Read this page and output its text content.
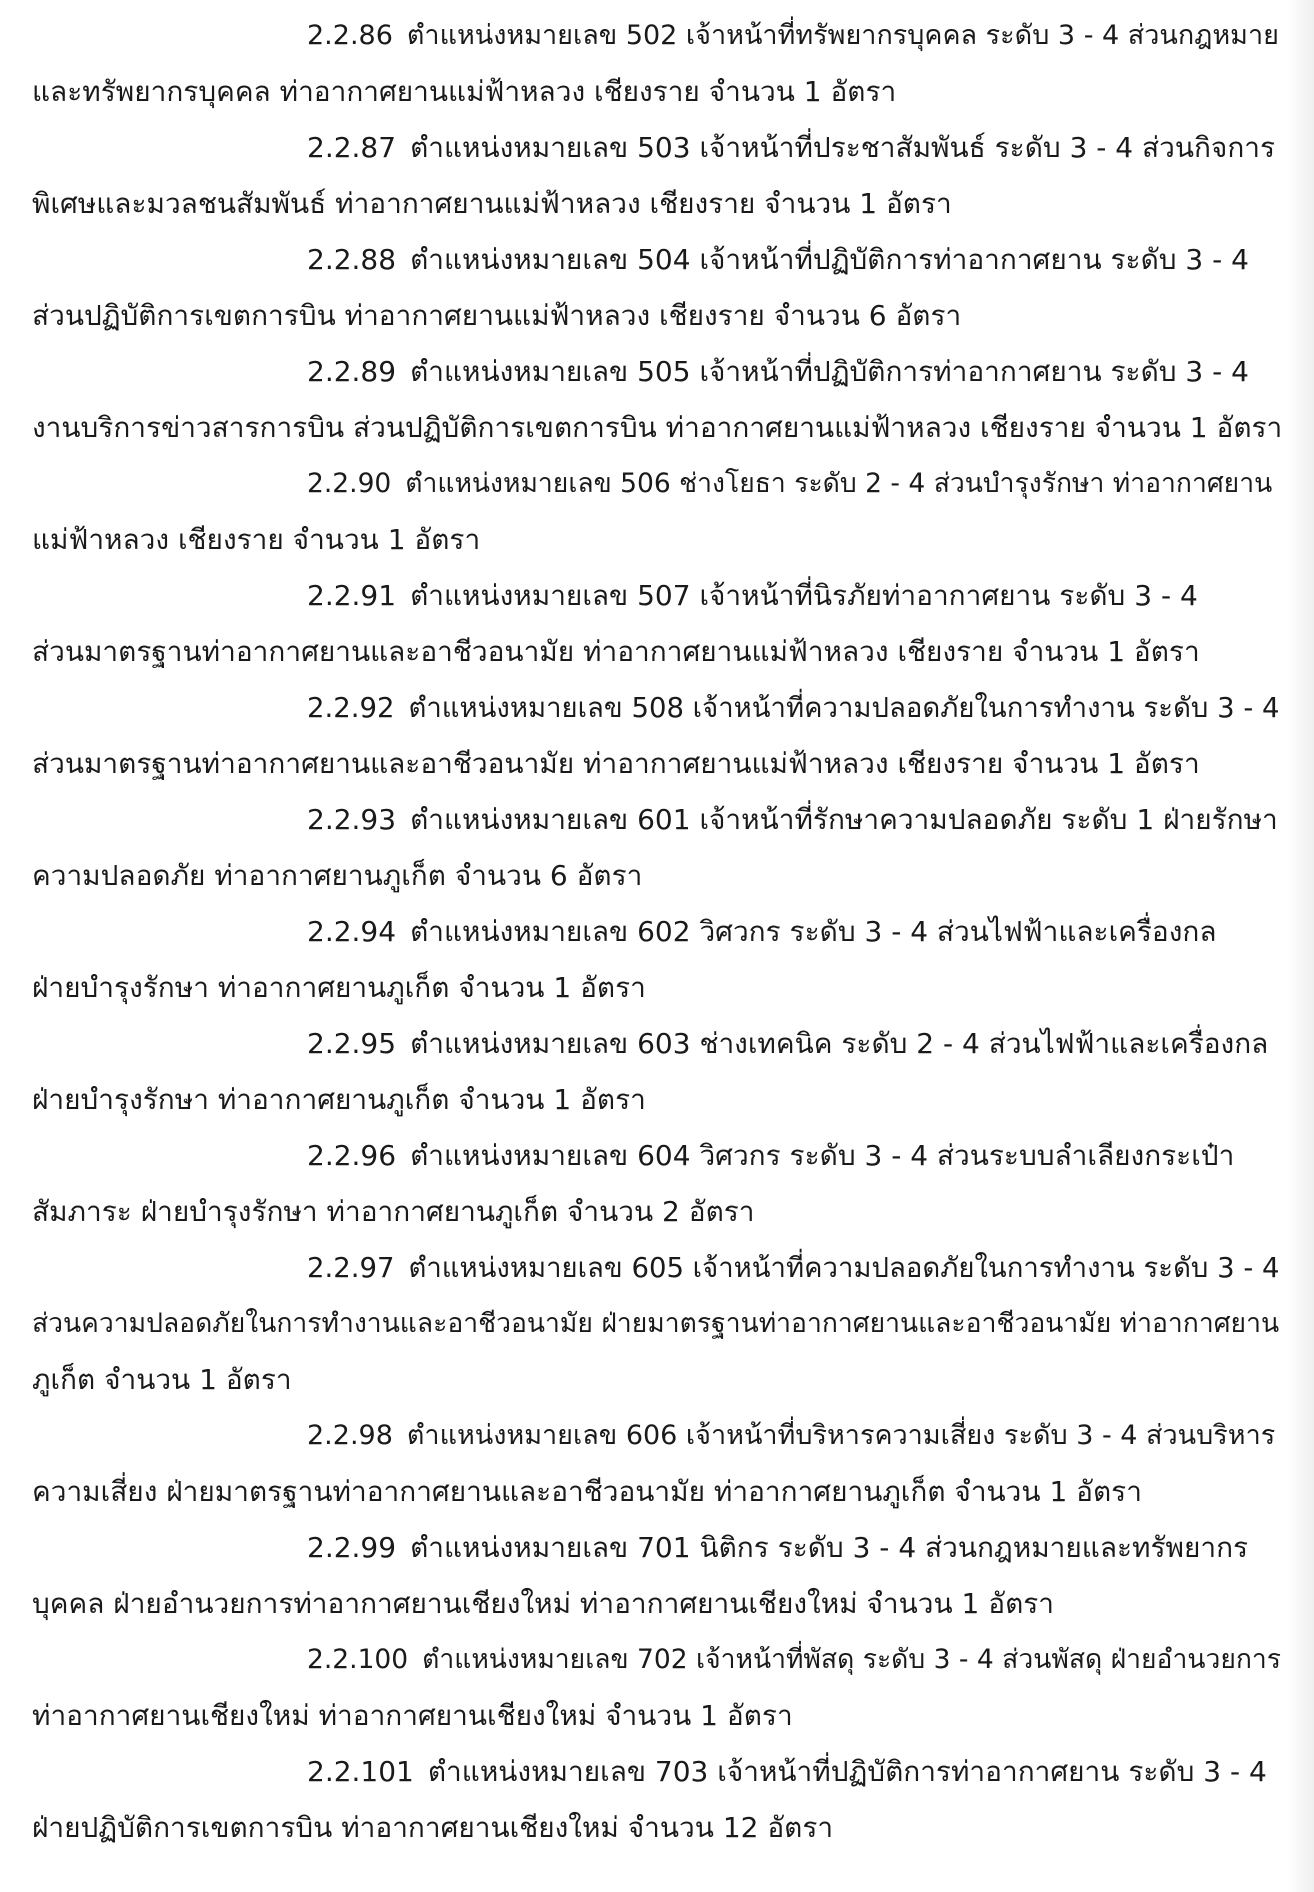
2.2.86 ตำแหน่งหมายเลข 502 เจ้าหน้าที่ทรัพยากรบุคคล ระดับ 3 - 4 ส่วนกฎหมาย
และทรัพยากรบุคคล ท่าอากาศยานแม่ฟ้าหลวง เชียงราย จำนวน 1 อัตรา
2.2.87 ตำแหน่งหมายเลข 503 เจ้าหน้าที่ประชาสัมพันธ์ ระดับ 3 - 4 ส่วนกิจการ
พิเศษและมวลชนสัมพันธ์ ท่าอากาศยานแม่ฟ้าหลวง เชียงราย จำนวน 1 อัตรา
2.2.88 ตำแหน่งหมายเลข 504 เจ้าหน้าที่ปฏิบัติการท่าอากาศยาน ระดับ 3 - 4
ส่วนปฏิบัติการเขตการบิน ท่าอากาศยานแม่ฟ้าหลวง เชียงราย จำนวน 6 อัตรา
2.2.89 ตำแหน่งหมายเลข 505 เจ้าหน้าที่ปฏิบัติการท่าอากาศยาน ระดับ 3 - 4
งานบริการข่าวสารการบิน ส่วนปฏิบัติการเขตการบิน ท่าอากาศยานแม่ฟ้าหลวง เชียงราย จำนวน 1 อัตรา
2.2.90 ตำแหน่งหมายเลข 506 ช่างโยธา ระดับ 2 - 4 ส่วนบำรุงรักษา ท่าอากาศยาน
แม่ฟ้าหลวง เชียงราย จำนวน 1 อัตรา
2.2.91 ตำแหน่งหมายเลข 507 เจ้าหน้าที่นิรภัยท่าอากาศยาน ระดับ 3 - 4
ส่วนมาตรฐานท่าอากาศยานและอาชีวอนามัย ท่าอากาศยานแม่ฟ้าหลวง เชียงราย จำนวน 1 อัตรา
2.2.92 ตำแหน่งหมายเลข 508 เจ้าหน้าที่ความปลอดภัยในการทำงาน ระดับ 3 - 4
ส่วนมาตรฐานท่าอากาศยานและอาชีวอนามัย ท่าอากาศยานแม่ฟ้าหลวง เชียงราย จำนวน 1 อัตรา
2.2.93 ตำแหน่งหมายเลข 601 เจ้าหน้าที่รักษาความปลอดภัย ระดับ 1 ฝ่ายรักษา
ความปลอดภัย ท่าอากาศยานภูเก็ต จำนวน 6 อัตรา
2.2.94 ตำแหน่งหมายเลข 602 วิศวกร ระดับ 3 - 4 ส่วนไฟฟ้าและเครื่องกล
ฝ่ายบำรุงรักษา ท่าอากาศยานภูเก็ต จำนวน 1 อัตรา
2.2.95 ตำแหน่งหมายเลข 603 ช่างเทคนิค ระดับ 2 - 4 ส่วนไฟฟ้าและเครื่องกล
ฝ่ายบำรุงรักษา ท่าอากาศยานภูเก็ต จำนวน 1 อัตรา
2.2.96 ตำแหน่งหมายเลข 604 วิศวกร ระดับ 3 - 4 ส่วนระบบลำเลียงกระเป๋า
สัมภาระ ฝ่ายบำรุงรักษา ท่าอากาศยานภูเก็ต จำนวน 2 อัตรา
2.2.97 ตำแหน่งหมายเลข 605 เจ้าหน้าที่ความปลอดภัยในการทำงาน ระดับ 3 - 4
ส่วนความปลอดภัยในการทำงานและอาชีวอนามัย ฝ่ายมาตรฐานท่าอากาศยานและอาชีวอนามัย ท่าอากาศยาน
ภูเก็ต จำนวน 1 อัตรา
2.2.98 ตำแหน่งหมายเลข 606 เจ้าหน้าที่บริหารความเสี่ยง ระดับ 3 - 4 ส่วนบริหาร
ความเสี่ยง ฝ่ายมาตรฐานท่าอากาศยานและอาชีวอนามัย ท่าอากาศยานภูเก็ต จำนวน 1 อัตรา
2.2.99 ตำแหน่งหมายเลข 701 นิติกร ระดับ 3 - 4 ส่วนกฎหมายและทรัพยากร
บุคคล ฝ่ายอำนวยการท่าอากาศยานเชียงใหม่ ท่าอากาศยานเชียงใหม่ จำนวน 1 อัตรา
2.2.100 ตำแหน่งหมายเลข 702 เจ้าหน้าที่พัสดุ ระดับ 3 - 4 ส่วนพัสดุ ฝ่ายอำนวยการ
ท่าอากาศยานเชียงใหม่ ท่าอากาศยานเชียงใหม่ จำนวน 1 อัตรา
2.2.101 ตำแหน่งหมายเลข 703 เจ้าหน้าที่ปฏิบัติการท่าอากาศยาน ระดับ 3 - 4
ฝ่ายปฏิบัติการเขตการบิน ท่าอากาศยานเชียงใหม่ จำนวน 12 อัตรา
